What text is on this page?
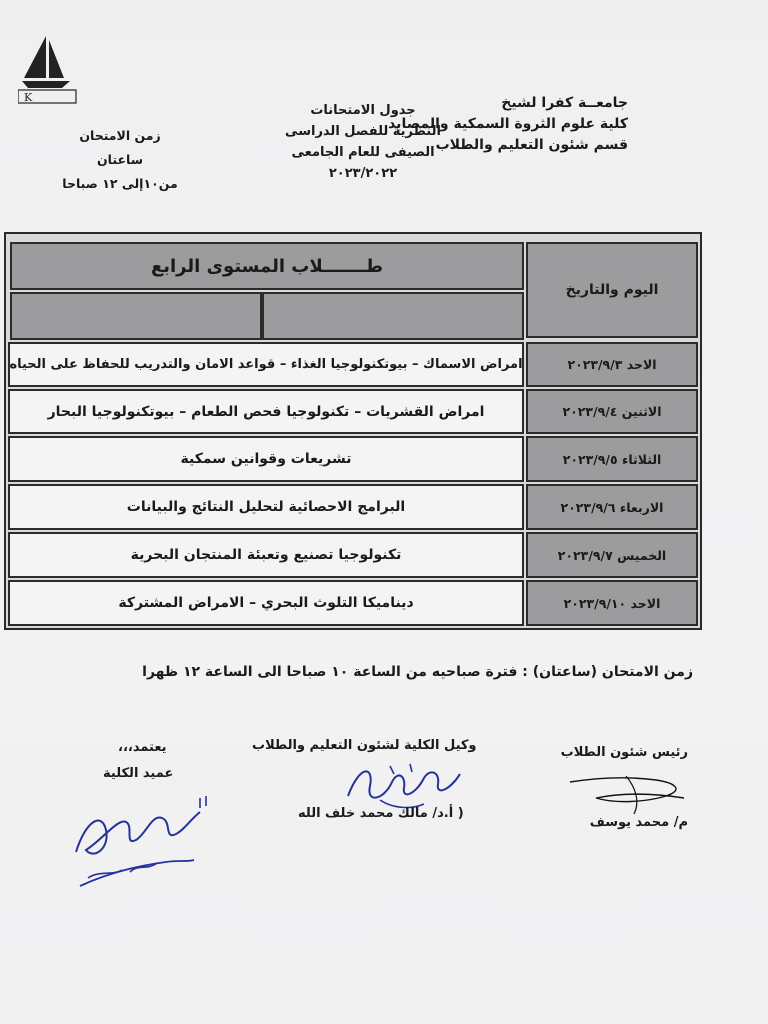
K	جامعــة كفرا لشيخ
كلية علوم الثروة السمكية والمصايد
قسم شئون التعليم والطلاب
جدول الامتحانات
النظرية للفصل الدراسى
الصيفى للعام الجامعى
٢٠٢٣/٢٠٢٢
زمن الامتحان
ساعتان
من١٠إلى ١٢ صباحا
اليوم والتاريخ
طـــــــلاب المستوى الرابع
الاحد ٢٠٢٣/٩/٣
امراض الاسماك – بيوتكنولوجيا الغذاء – قواعد الامان والتدريب للحفاظ على الحياه
الاثنين ٢٠٢٣/٩/٤
امراض القشريات – تكنولوجيا فحص الطعام – بيوتكنولوجيا البحار
الثلاثاء ٢٠٢٣/٩/٥
تشريعات وقوانين سمكية
الاربعاء ٢٠٢٣/٩/٦
البرامج الاحصائية لتحليل النتائج والبيانات
الخميس ٢٠٢٣/٩/٧
تكنولوجيا تصنيع وتعبئة المنتجان البحرية
الاحد ٢٠٢٣/٩/١٠
ديناميكا التلوث البحري – الامراض المشتركة
زمن الامتحان (ساعتان) : فترة صباحيه من الساعة ١٠ صباحا الى الساعة ١٢ ظهرا
رئيس شئون الطلاب
م/ محمد يوسف
وكيل الكلية لشئون التعليم والطلاب
( أ.د/ مالك محمد خلف الله
يعتمد،،،
عميد الكلية
